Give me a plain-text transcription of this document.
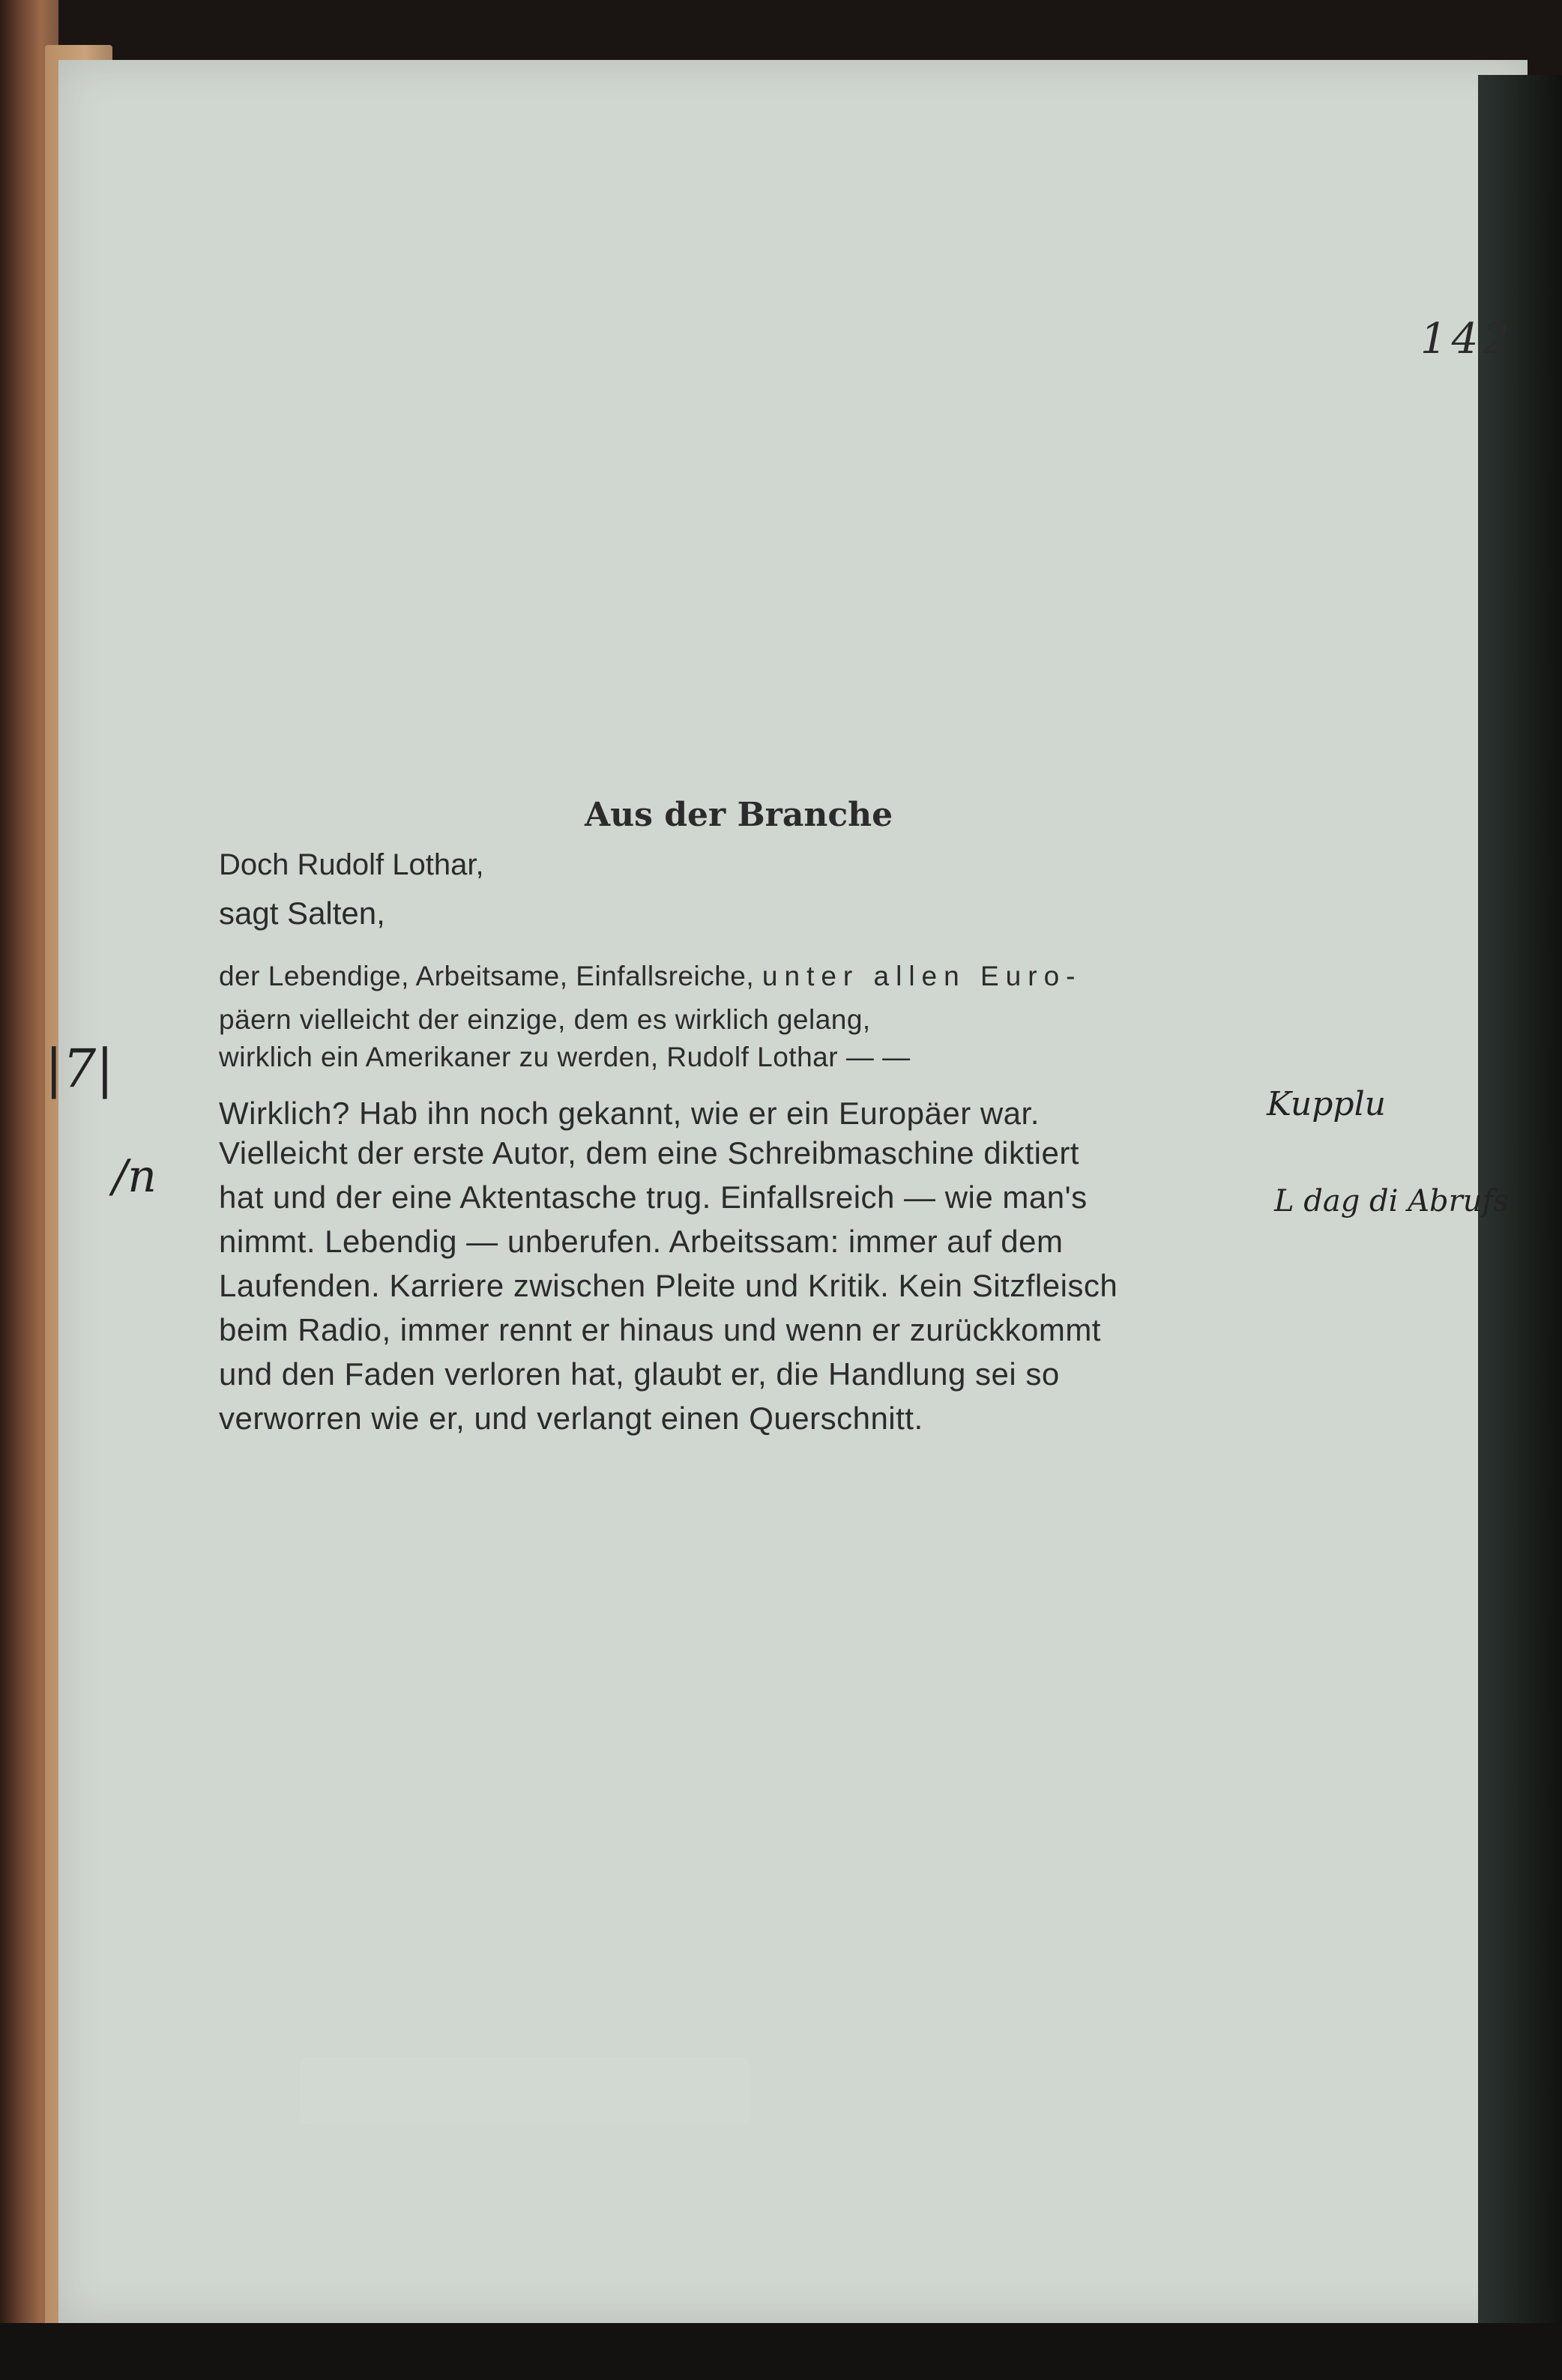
142
Aus der Branche
Doch Rudolf Lothar,
sagt Salten,
der Lebendige, Arbeitsame, Einfallsreiche, unter allen Euro-
päern vielleicht der einzige, dem es wirklich gelang,
wirklich ein Amerikaner zu werden, Rudolf Lothar — —
Wirklich? Hab ihn noch gekannt, wie er ein Europäer war.
Vielleicht der erste Autor, dem eine Schreibmaschine diktiert
hat und der eine Aktentasche trug. Einfallsreich — wie man's
nimmt. Lebendig — unberufen. Arbeitssam: immer auf dem
Laufenden. Karriere zwischen Pleite und Kritik. Kein Sitzfleisch
beim Radio, immer rennt er hinaus und wenn er zurückkommt
und den Faden verloren hat, glaubt er, die Handlung sei so
verworren wie er, und verlangt einen Querschnitt.
|7|
/n
Kupplu
L dag di Abrufs
